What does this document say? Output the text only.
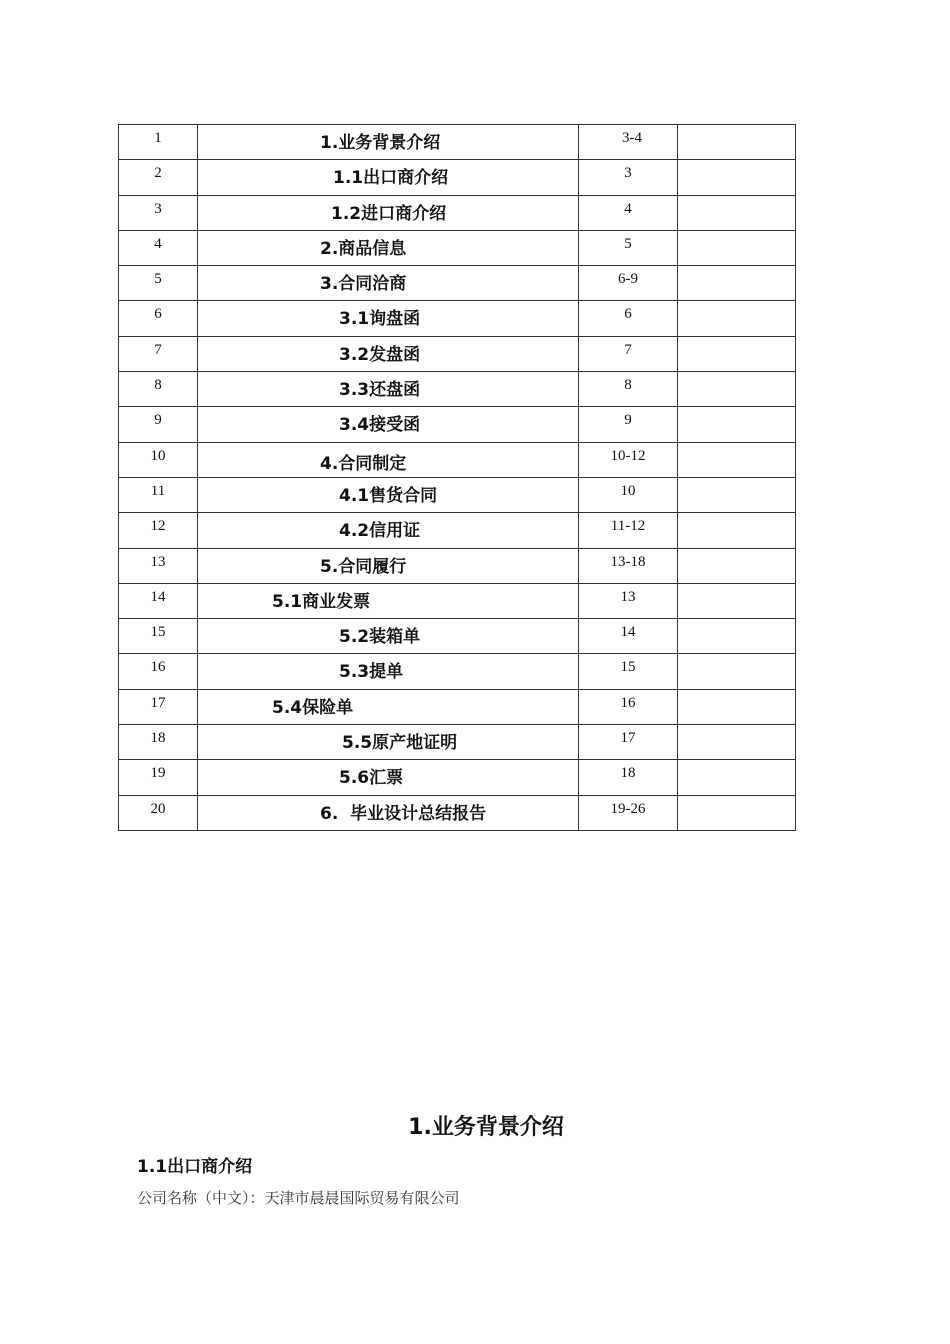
1	1.业务背景介绍	3-4	

2	1.1出口商介绍	3	

3	1.2进口商介绍	4	

4	2.商品信息	5	

5	3.合同洽商	6-9	

6	3.1询盘函	6	

7	3.2发盘函	7	

8	3.3还盘函	8	

9	3.4接受函	9	

10	4.合同制定	10-12	

11	4.1售货合同	10	

12	4.2信用证	11-12	

13	5.合同履行	13-18	

14	5.1商业发票	13	

15	5.2装箱单	14	

16	5.3提单	15	

17	5.4保险单	16	

18	5.5原产地证明	17	

19	5.6汇票	18	

20	6.  毕业设计总结报告	19-26	

1.业务背景介绍
1.1出口商介绍
公司名称（中文）：天津市晨晨国际贸易有限公司
